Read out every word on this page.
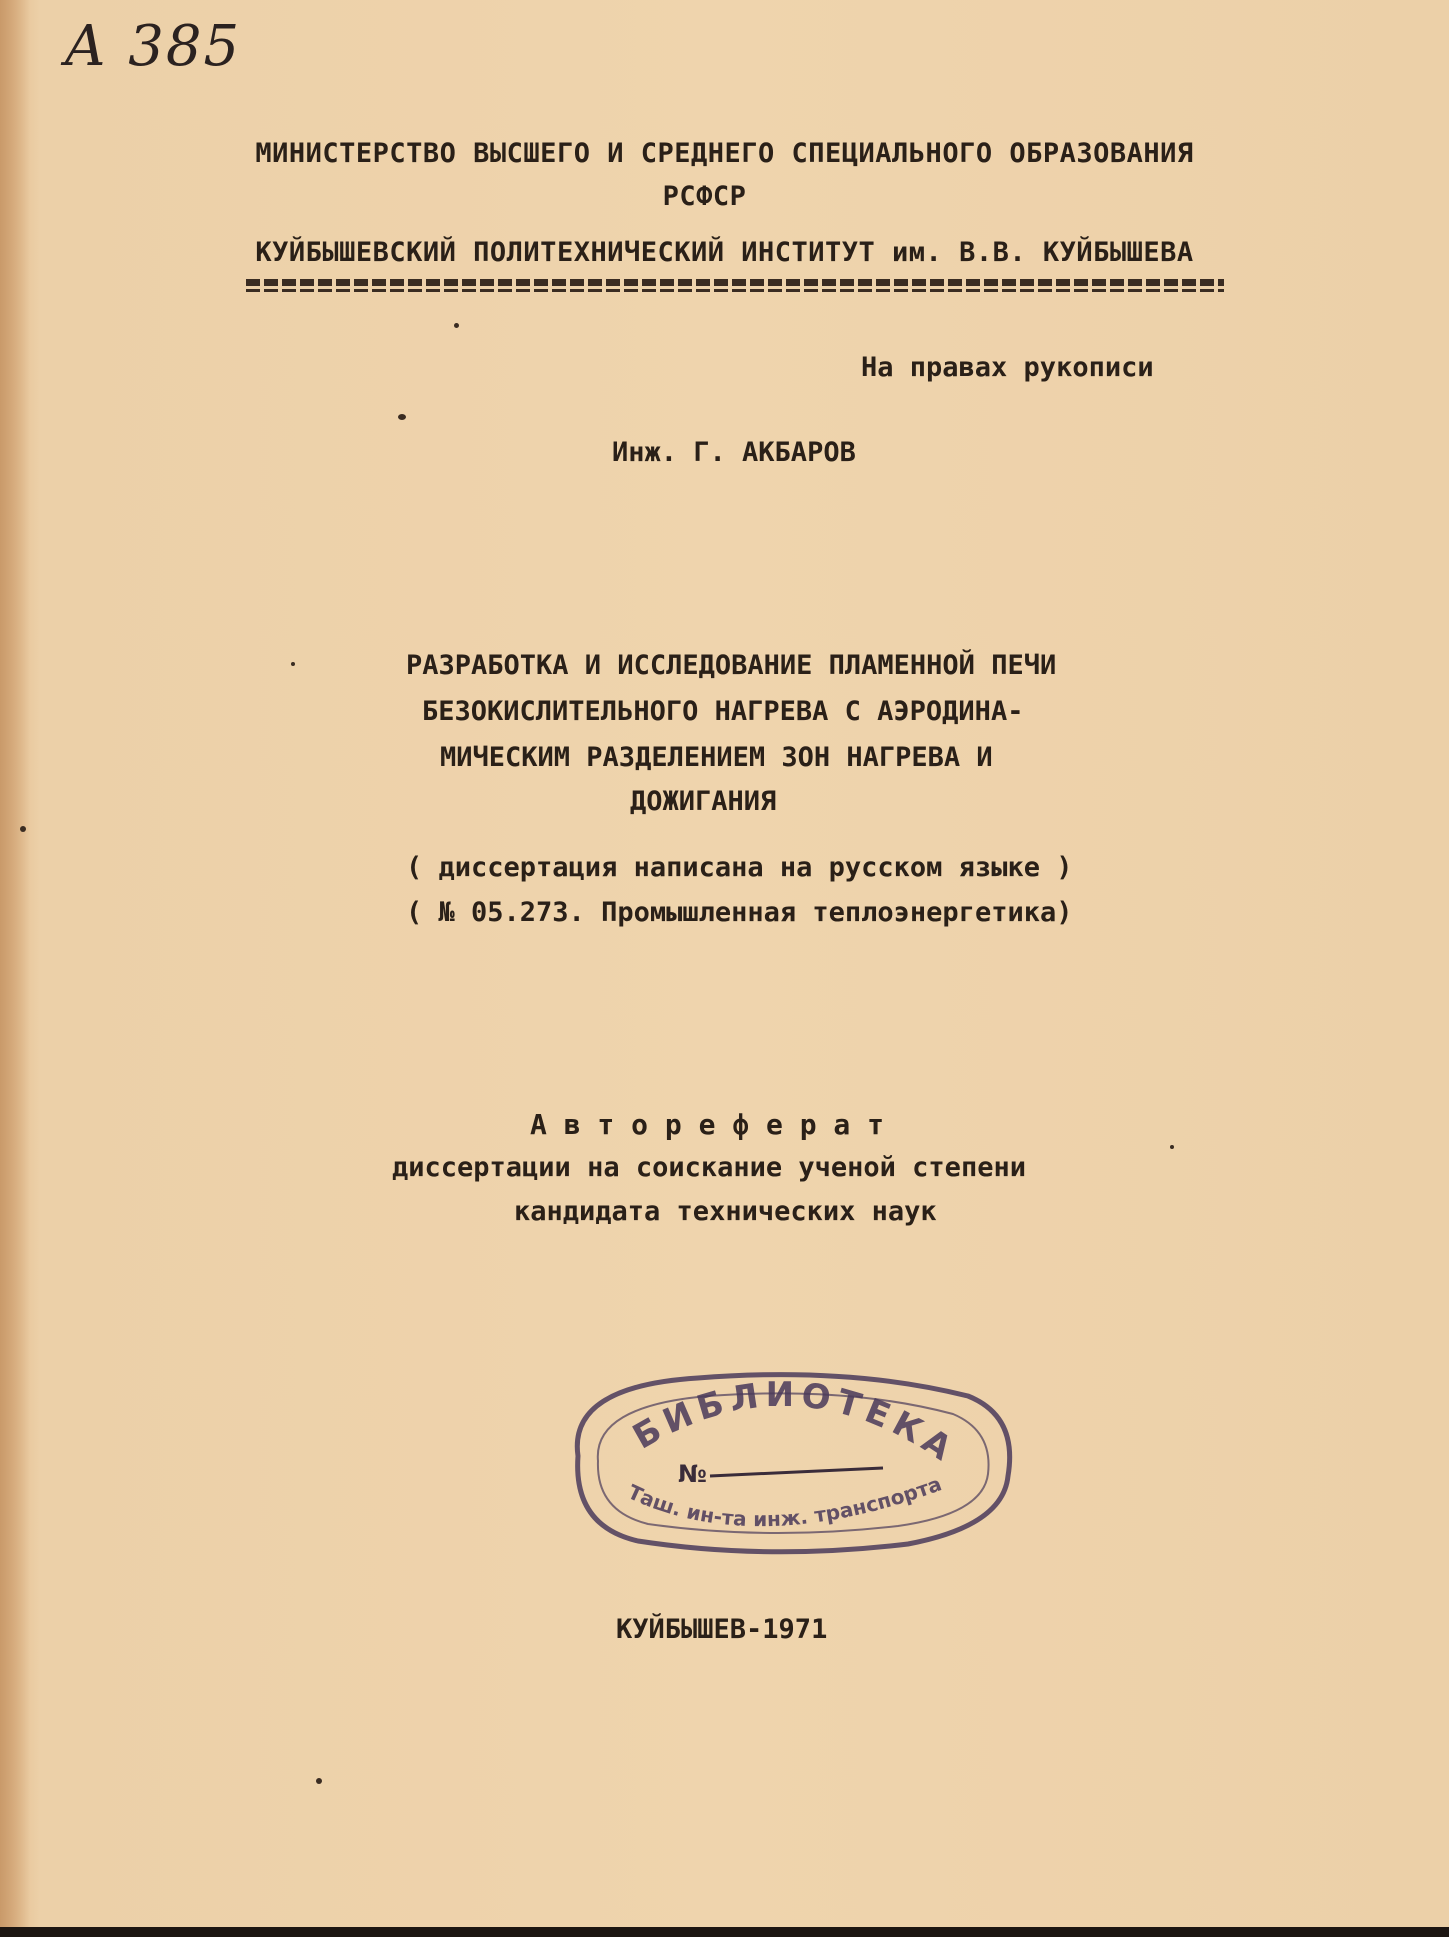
А 385
МИНИСТЕРСТВО ВЫСШЕГО И СРЕДНЕГО СПЕЦИАЛЬНОГО ОБРАЗОВАНИЯ
РСФСР
КУЙБЫШЕВСКИЙ ПОЛИТЕХНИЧЕСКИЙ ИНСТИТУТ им. В.В. КУЙБЫШЕВА
На правах рукописи
Инж. Г. АКБАРОВ
РАЗРАБОТКА И ИССЛЕДОВАНИЕ ПЛАМЕННОЙ ПЕЧИ
БЕЗОКИСЛИТЕЛЬНОГО НАГРЕВА С АЭРОДИНА-
МИЧЕСКИМ РАЗДЕЛЕНИЕМ ЗОН НАГРЕВА И
ДОЖИГАНИЯ
( диссертация написана на русском языке )
( № 05.273. Промышленная теплоэнергетика)
А в т о р е ф е р а т
диссертации на соискание ученой степени
кандидата технических наук
БИБЛИОТЕКА
№
Таш. ин-та инж. транспорта
КУЙБЫШЕВ-1971
